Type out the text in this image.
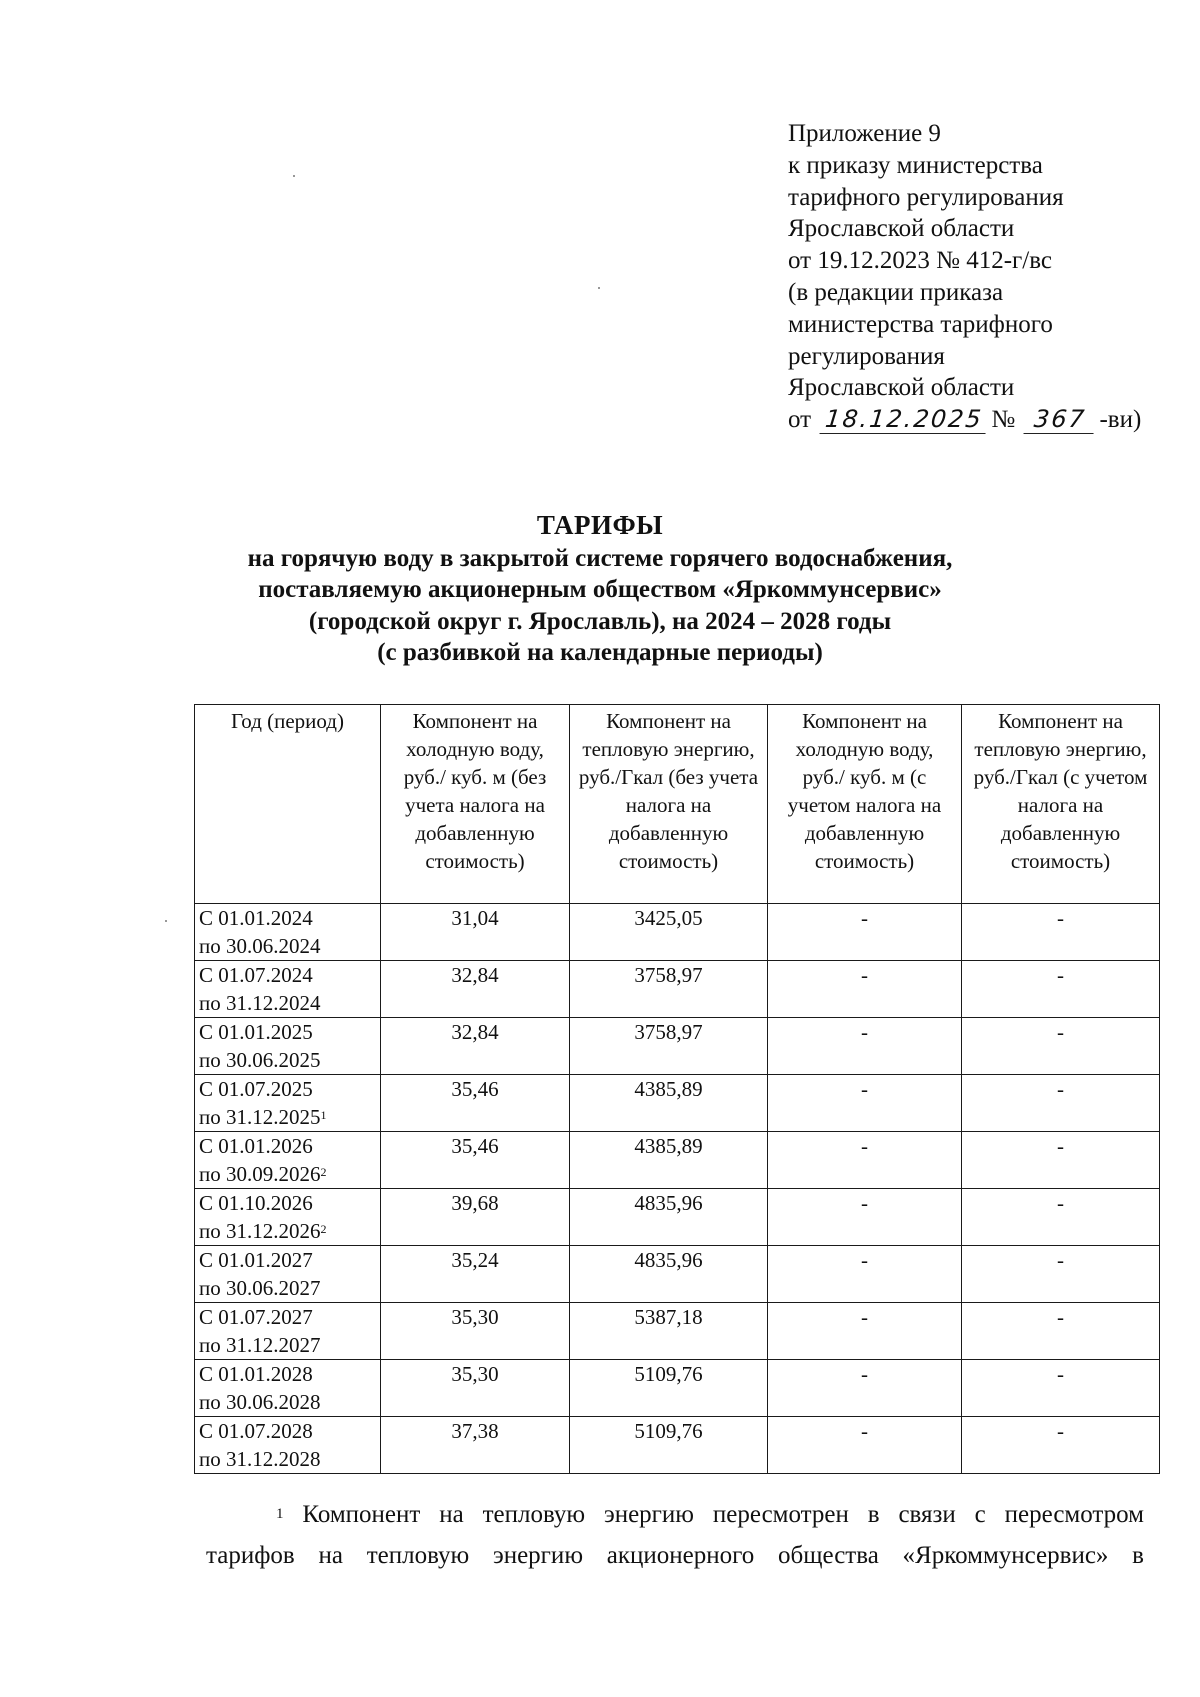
Приложение 9
к приказу министерства
тарифного регулирования
Ярославской области
от 19.12.2023 № 412-г/вс
(в редакции приказа
министерства тарифного
регулирования
Ярославской области
от 18.12.2025 № 367 -ви)
ТАРИФЫ
на горячую воду в закрытой системе горячего водоснабжения,
поставляемую акционерным обществом «Яркоммунсервис»
(городской округ г. Ярославль), на 2024 – 2028 годы
(с разбивкой на календарные периоды)
Год (период)	Компонент на холодную воду, руб./ куб. м (без учета налога на добавленную стоимость)	Компонент на тепловую энергию, руб./Гкал (без учета налога на добавленную стоимость)	Компонент на холодную воду, руб./ куб. м (с учетом налога на добавленную стоимость)	Компонент на тепловую энергию, руб./Гкал (с учетом налога на добавленную стоимость)
С 01.01.2024
по 30.06.2024	31,04	3425,05	-	-
С 01.07.2024
по 31.12.2024	32,84	3758,97	-	-
С 01.01.2025
по 30.06.2025	32,84	3758,97	-	-
С 01.07.2025
по 31.12.2025$^1$	35,46	4385,89	-	-
С 01.01.2026
по 30.09.2026$^2$	35,46	4385,89	-	-
С 01.10.2026
по 31.12.2026$^2$	39,68	4835,96	-	-
С 01.01.2027
по 30.06.2027	35,24	4835,96	-	-
С 01.07.2027
по 31.12.2027	35,30	5387,18	-	-
С 01.01.2028
по 30.06.2028	35,30	5109,76	-	-
С 01.07.2028
по 31.12.2028	37,38	5109,76	-	-
$^1$ Компонент на тепловую энергию пересмотрен в связи с пересмотром
тарифов на тепловую энергию акционерного общества «Яркоммунсервис» в
